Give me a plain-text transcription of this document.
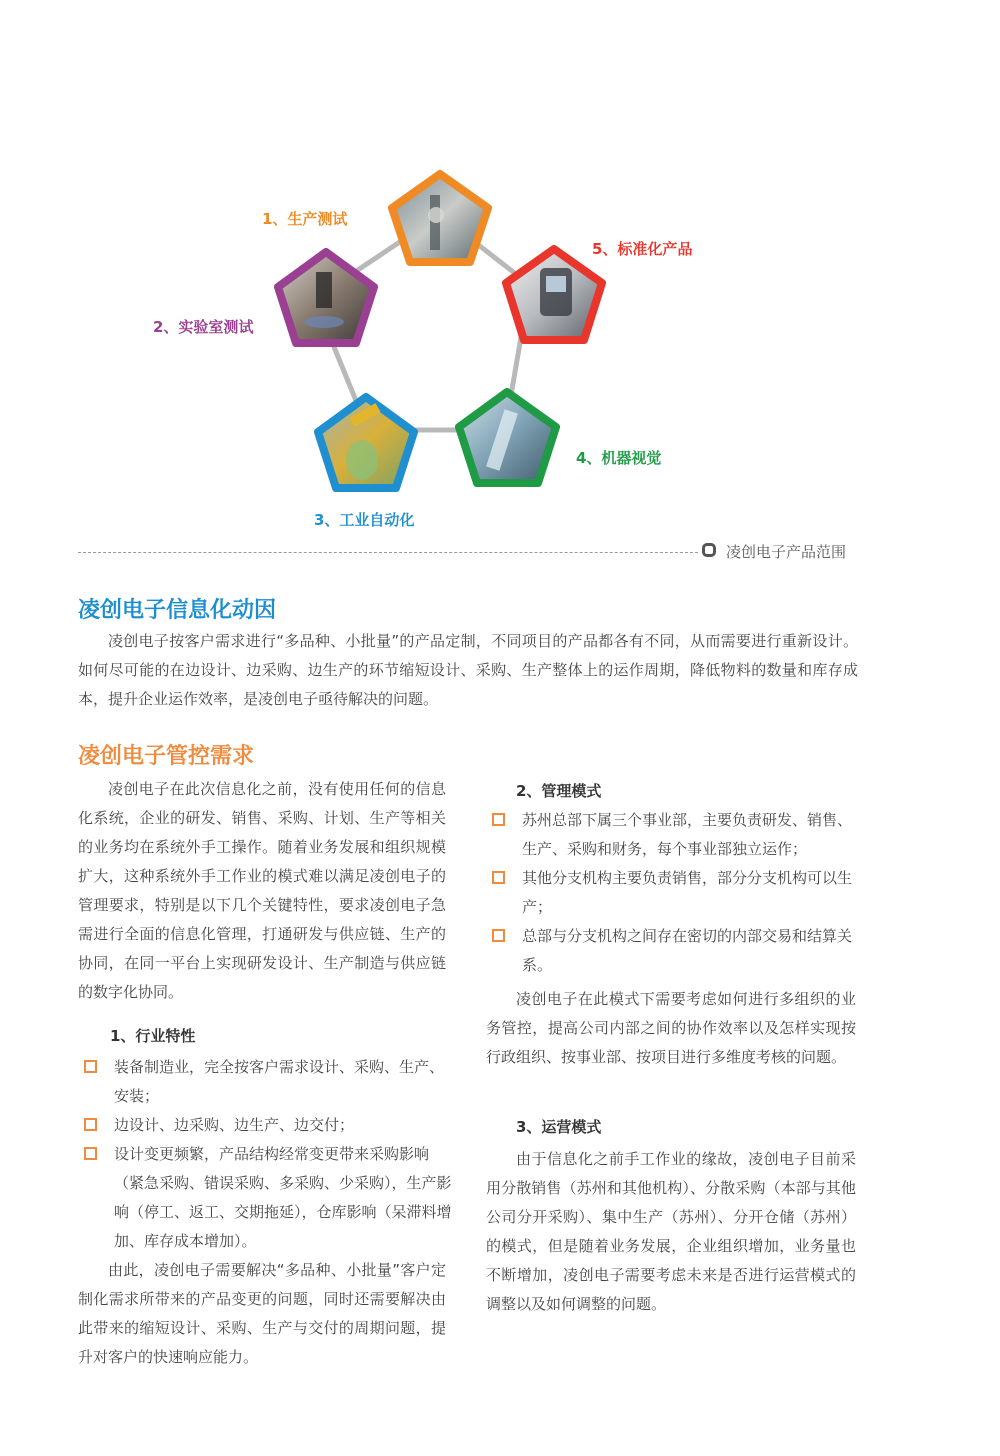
1、生产测试
5、标准化产品
2、实验室测试
4、机器视觉
3、工业自动化
凌创电子产品范围
凌创电子信息化动因

凌创电子按客户需求进行“多品种、小批量”的产品定制，不同项目的产品都各有不同，从而需要进行重新设计。如何尽可能的在边设计、边采购、边生产的环节缩短设计、采购、生产整体上的运作周期，降低物料的数量和库存成本，提升企业运作效率，是凌创电子亟待解决的问题。

凌创电子管控需求

凌创电子在此次信息化之前，没有使用任何的信息化系统，企业的研发、销售、采购、计划、生产等相关的业务均在系统外手工操作。随着业务发展和组织规模扩大，这种系统外手工作业的模式难以满足凌创电子的管理要求，特别是以下几个关键特性，要求凌创电子急需进行全面的信息化管理，打通研发与供应链、生产的协同，在同一平台上实现研发设计、生产制造与供应链的数字化协同。

1、行业特性
装备制造业，完全按客户需求设计、采购、生产、安装；
边设计、边采购、边生产、边交付；
设计变更频繁，产品结构经常变更带来采购影响（紧急采购、错误采购、多采购、少采购），生产影响（停工、返工、交期拖延），仓库影响（呆滞料增加、库存成本增加）。

由此，凌创电子需要解决“多品种、小批量”客户定制化需求所带来的产品变更的问题，同时还需要解决由此带来的缩短设计、采购、生产与交付的周期问题，提升对客户的快速响应能力。

2、管理模式
苏州总部下属三个事业部，主要负责研发、销售、生产、采购和财务，每个事业部独立运作；
其他分支机构主要负责销售，部分分支机构可以生产；
总部与分支机构之间存在密切的内部交易和结算关系。

凌创电子在此模式下需要考虑如何进行多组织的业务管控，提高公司内部之间的协作效率以及怎样实现按行政组织、按事业部、按项目进行多维度考核的问题。

3、运营模式

由于信息化之前手工作业的缘故，凌创电子目前采用分散销售（苏州和其他机构）、分散采购（本部与其他公司分开采购）、集中生产（苏州）、分开仓储（苏州）的模式，但是随着业务发展，企业组织增加，业务量也不断增加，凌创电子需要考虑未来是否进行运营模式的调整以及如何调整的问题。
